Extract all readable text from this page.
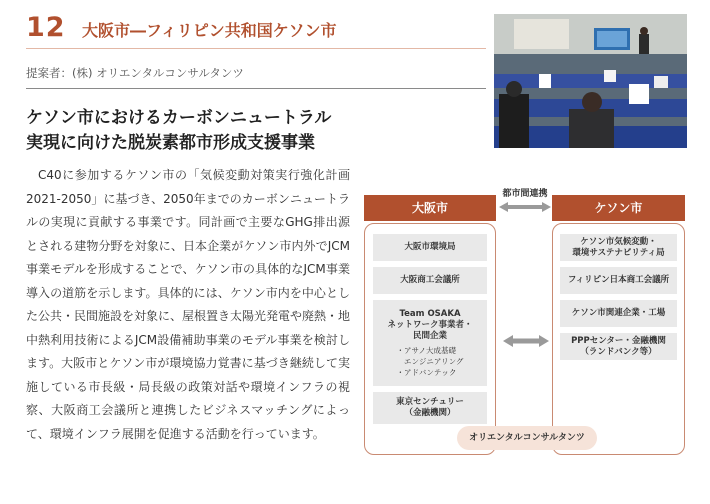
12 大阪市―フィリピン共和国ケソン市
提案者：(株) オリエンタルコンサルタンツ
ケソン市におけるカーボンニュートラル
実現に向けた脱炭素都市形成支援事業
C40に参加するケソン市の「気候変動対策実行強化計画2021-2050」に基づき、2050年までのカーボンニュートラルの実現に貢献する事業です。同計画で主要なGHG排出源とされる建物分野を対象に、日本企業がケソン市内外でJCM事業モデルを形成することで、ケソン市の具体的なJCM事業導入の道筋を示します。具体的には、ケソン市内を中心とした公共・民間施設を対象に、屋根置き太陽光発電や廃熱・地中熱利用技術によるJCM設備補助事業のモデル事業を検討します。大阪市とケソン市が環境協力覚書に基づき継続して実施している市長級・局長級の政策対話や環境インフラの視察、大阪商工会議所と連携したビジネスマッチングによって、環境インフラ展開を促進する活動を行っています。
都市間連携
大阪市	ケソン市
大阪市環境局
大阪商工会議所
Team OSAKA
ネットワーク事業者・
民間企業
・アサノ大成基礎
　エンジニアリング
・アドバンテック
東京センチュリー
（金融機関）
ケソン市気候変動・
環境サステナビリティ局
フィリピン日本商工会議所
ケソン市関連企業・工場
PPPセンター・金融機関
（ランドバンク等）
オリエンタルコンサルタンツ
